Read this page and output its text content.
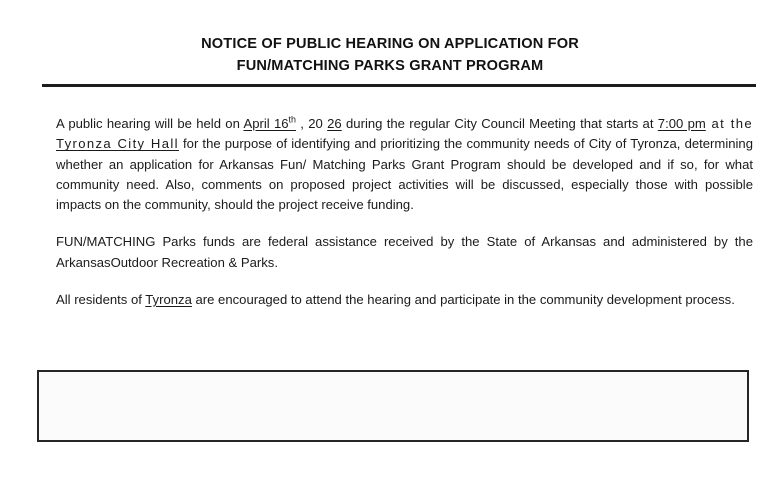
NOTICE OF PUBLIC HEARING ON APPLICATION FOR
FUN/MATCHING PARKS GRANT PROGRAM

A public hearing will be held on April 16th , 20 26 during the regular City Council Meeting that starts at 7:00 pm at the Tyronza City Hall for the purpose of identifying and prioritizing the community needs of City of Tyronza, determining whether an application for Arkansas Fun/ Matching Parks Grant Program should be developed and if so, for what community need. Also, comments on proposed project activities will be discussed, especially those with possible impacts on the community, should the project receive funding.

FUN/MATCHING Parks funds are federal assistance received by the State of Arkansas and administered by the ArkansasOutdoor Recreation & Parks.

All residents of Tyronza are encouraged to attend the hearing and participate in the community development process.
